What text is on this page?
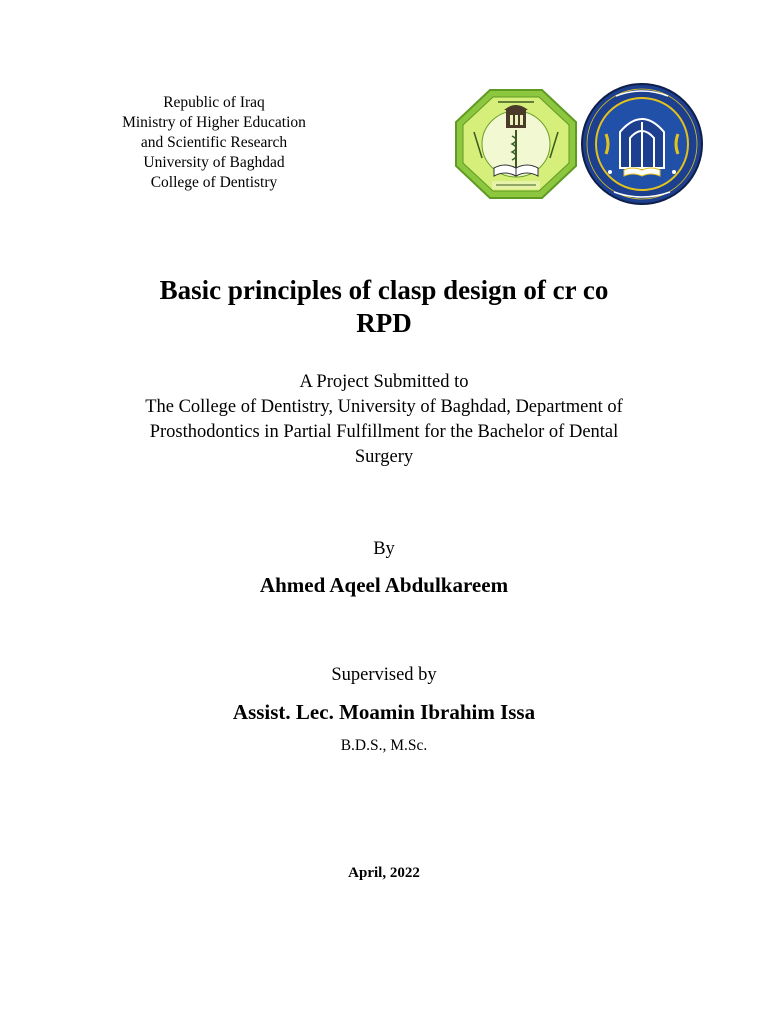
Republic of Iraq
Ministry of Higher Education
and Scientific Research
University of Baghdad
College of Dentistry
Basic principles of clasp design of cr co
RPD
A Project Submitted to
The College of Dentistry, University of Baghdad, Department of
Prosthodontics in Partial Fulfillment for the Bachelor of Dental
Surgery
By
Ahmed Aqeel Abdulkareem
Supervised by
Assist. Lec. Moamin Ibrahim Issa
B.D.S., M.Sc.
April, 2022
